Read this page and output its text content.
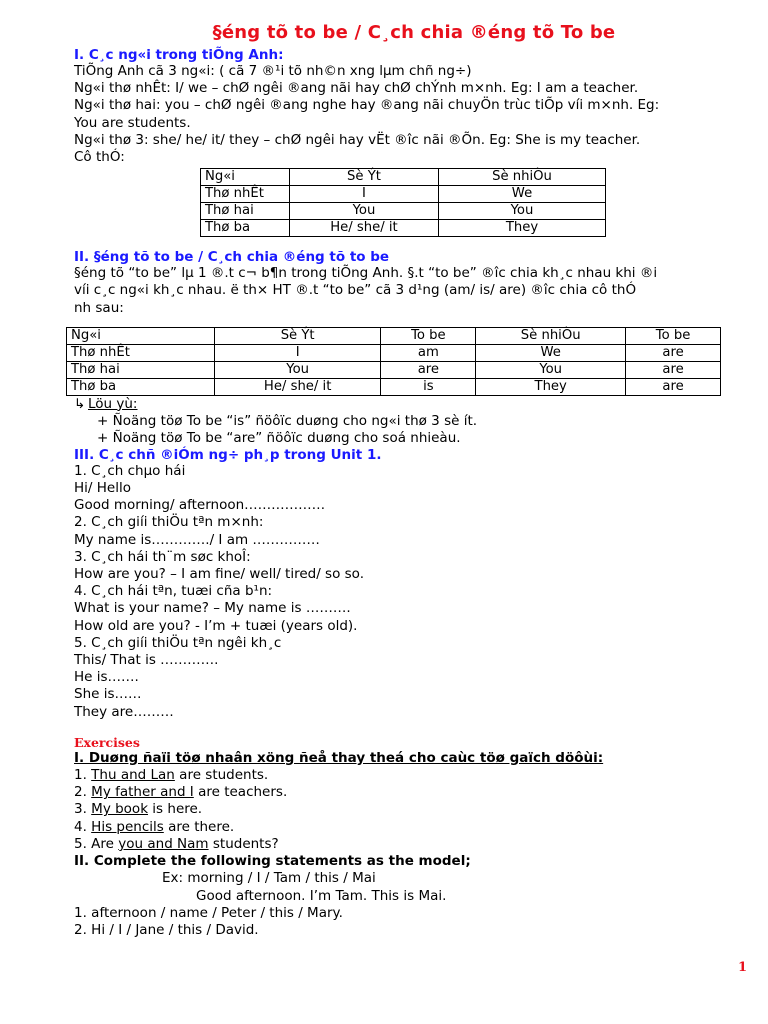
§éng tõ to be / C¸ch chia ®éng tõ To be
I. C¸c ng«i trong tiÕng Anh:
TiÕng Anh cã 3 ng«i: ( cã 7 ®¹i tõ nh©n xng lµm chñ ng÷)
Ng«i thø nhÊt: I/ we – chØ ngêi ®ang nãi hay chØ chÝnh m×nh. Eg: I am a teacher.
Ng«i thø hai: you – chØ ngêi ®ang nghe hay ®ang nãi chuyÖn trùc tiÕp víi m×nh. Eg:
You are students.
Ng«i thø 3: she/ he/ it/ they – chØ ngêi hay vËt ®îc nãi ®Õn. Eg: She is my teacher.
Cô thÓ:
Ng«i	Sè Ýt	Sè nhiÒu
Thø nhÊt	I	We
Thø hai	You	You
Thø ba	He/ she/ it	They
II. §éng tõ to be / C¸ch chia ®éng tõ to be
§éng tõ “to be” lµ 1 ®.t c¬ b¶n trong tiÕng Anh. §.t “to be” ®îc chia kh¸c nhau khi ®i
víi c¸c ng«i kh¸c nhau. ë th× HT ®.t “to be” cã 3 d¹ng (am/ is/ are) ®îc chia cô thÓ
nh sau:
Ng«i	Sè Ýt	To be	Sè nhiÒu	To be
Thø nhÊt	I	am	We	are
Thø hai	You	are	You	are
Thø ba	He/ she/ it	is	They	are
↳ Löu yù:
+ Ñoäng töø To be “is” ñöôïc duøng cho ng«i thø 3 sè ít.
+ Ñoäng töø To be “are” ñöôïc duøng cho soá nhieàu.
III. C¸c chñ ®iÓm ng÷ ph¸p trong Unit 1.
1. C¸ch chµo hái
Hi/ Hello
Good morning/ afternoon………………
2. C¸ch giíi thiÖu tªn m×nh:
My name is…………./ I am ……………
3. C¸ch hái th¨m søc khoÎ:
How are you? – I am fine/ well/ tired/ so so.
4. C¸ch hái tªn, tuæi cña b¹n:
What is your name? – My name is ……….
How old are you? - I’m + tuæi (years old).
5. C¸ch giíi thiÖu tªn ngêi kh¸c
This/ That is ………….
He is…….
She is……
They are………
Exercises
I. Duøng ñaïi töø nhaân xöng ñeå thay theá cho caùc töø gaïch döôùi:
1. Thu and Lan are students.
2. My father and I are teachers.
3. My book is here.
4. His pencils are there.
5. Are you and Nam students?
II. Complete the following statements as the model;
Ex: morning / I / Tam / this / Mai
Good afternoon. I’m Tam. This is Mai.
1. afternoon / name / Peter / this / Mary.
2. Hi / I / Jane / this / David.
1
